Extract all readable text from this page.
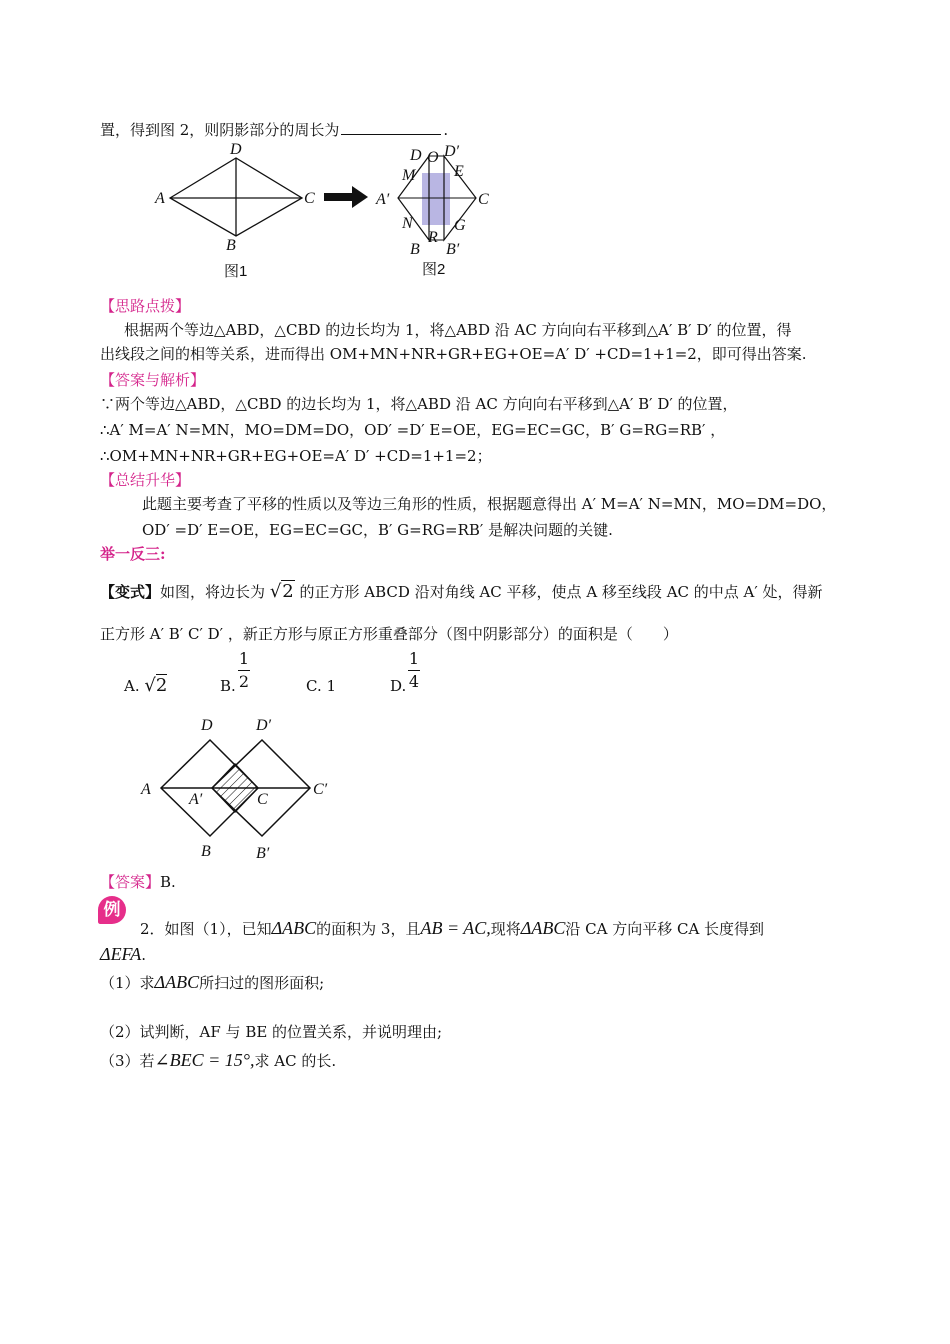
置，得到图 2，则阴影部分的周长为	.
D
A	C
B
图1
D O D′
M E
A′	C
N	G
R
B B′
图2
【思路点拨】
根据两个等边△ABD，△CBD 的边长均为 1，将△ABD 沿 AC 方向向右平移到△A′ B′ D′ 的位置，得
出线段之间的相等关系，进而得出 OM+MN+NR+GR+EG+OE=A′ D′ +CD=1+1=2，即可得出答案.
【答案与解析】
∵两个等边△ABD，△CBD 的边长均为 1，将△ABD 沿 AC 方向向右平移到△A′ B′ D′ 的位置，
∴A′ M=A′ N=MN，MO=DM=DO，OD′ =D′ E=OE，EG=EC=GC，B′ G=RG=RB′ ，
∴OM+MN+NR+GR+EG+OE=A′ D′ +CD=1+1=2；
【总结升华】
此题主要考查了平移的性质以及等边三角形的性质，根据题意得出 A′ M=A′ N=MN，MO=DM=DO，
OD′ =D′ E=OE，EG=EC=GC，B′ G=RG=RB′ 是解决问题的关键.
举一反三:
【变式】如图，将边长为 √2 的正方形 ABCD 沿对角线 AC 平移，使点 A 移至线段 AC 的中点 A′ 处，得新
正方形 A′ B′ C′ D′ ，新正方形与原正方形重叠部分（图中阴影部分）的面积是（　　）
A. √2	B.
1
2	C. 1	D.
1
4
D	D′
A
A′	C
C′
B	B′
【答案】B.
例
2．如图（1），已知ΔABC的面积为 3，且AB = AC,现将ΔABC沿 CA 方向平移 CA 长度得到
ΔEFA.
（1）求ΔABC所扫过的图形面积;
（2）试判断，AF 与 BE 的位置关系，并说明理由;
（3）若∠BEC = 15°,求 AC 的长.
